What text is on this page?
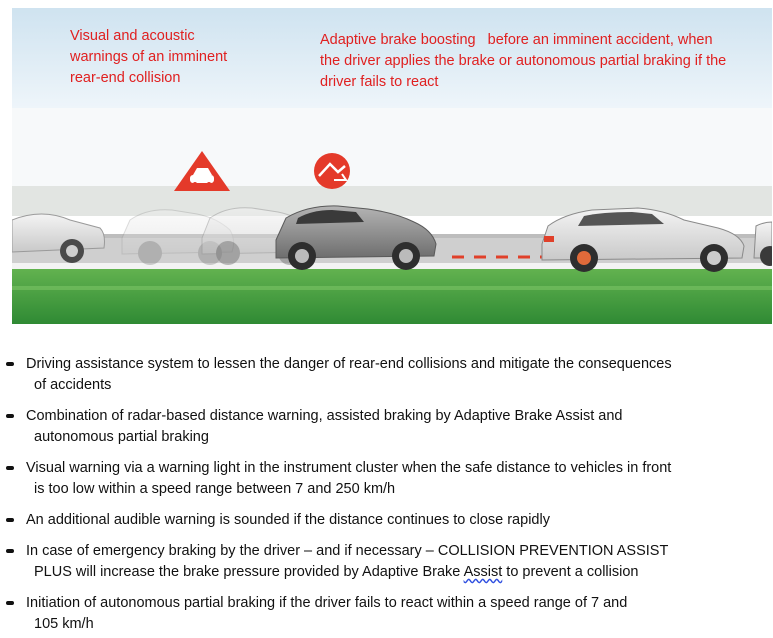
Visual and acoustic
warnings of an imminent
rear-end collision

Adaptive brake boosting   before an imminent accident, when
the driver applies the brake or autonomous partial braking if the
driver fails to react

Driving assistance system to lessen the danger of rear-end collisions and mitigate the consequences
of accidents
Combination of radar-based distance warning, assisted braking by Adaptive Brake Assist and
autonomous partial braking
Visual warning via a warning light in the instrument cluster when the safe distance to vehicles in front
is too low within a speed range between 7 and 250 km/h
An additional audible warning is sounded if the distance continues to close rapidly
In case of emergency braking by the driver – and if necessary – COLLISION PREVENTION ASSIST
PLUS will increase the brake pressure provided by Adaptive Brake Assist to prevent a collision
Initiation of autonomous partial braking if the driver fails to react within a speed range of 7 and
105 km/h
